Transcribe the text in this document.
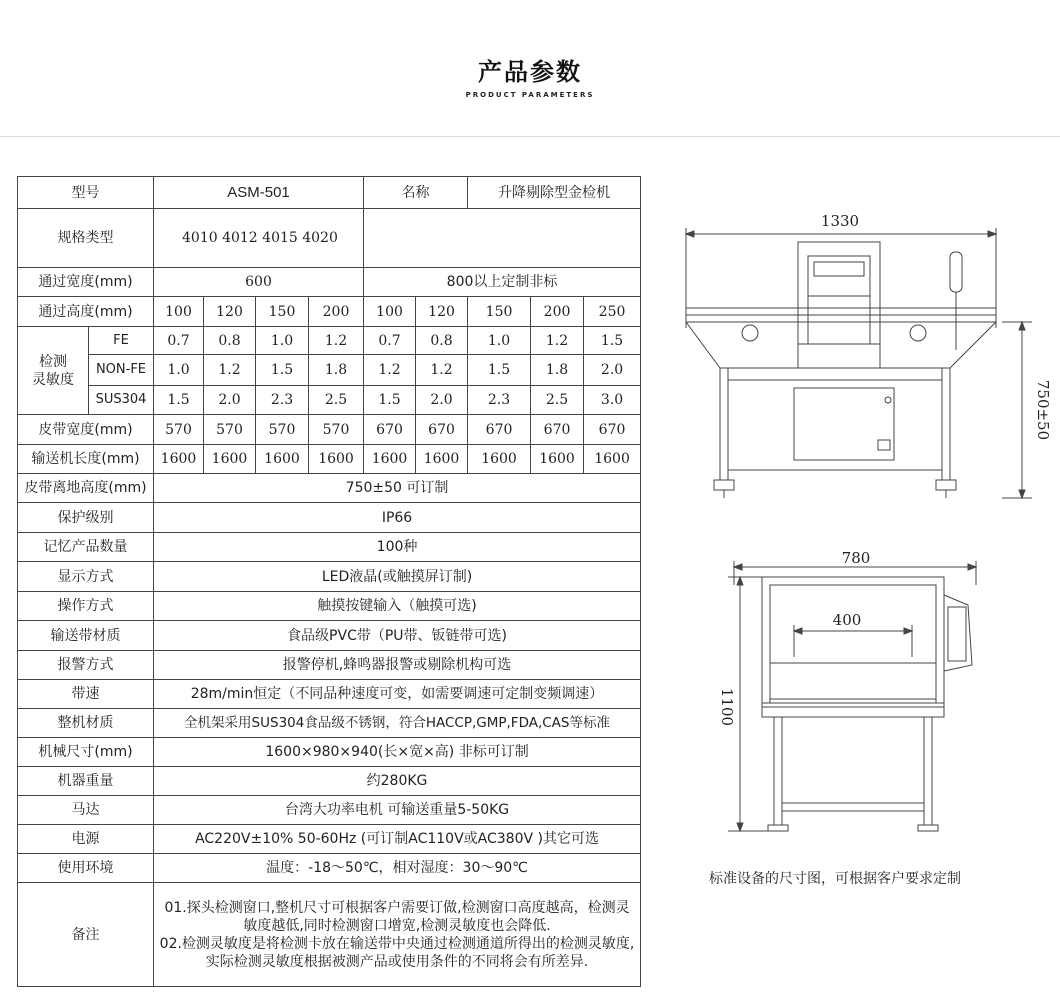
产品参数
PRODUCT PARAMETERS
型号		ASM-501				名称		升降剔除型金检机		
规格类型		4010 4012 4015 4020								
通过宽度(mm)		600				800以上定制非标				
通过高度(mm)		100	120	150	200	100	120	150	200	250

检测
灵敏度	FE	0.7	0.8	1.0	1.2	0.7	0.8	1.0	1.2	1.5
	NON-FE	1.0	1.2	1.5	1.8	1.2	1.2	1.5	1.8	2.0
	SUS304	1.5	2.0	2.3	2.5	1.5	2.0	2.3	2.5	3.0
皮带宽度(mm)		570	570	570	570	670	670	670	670	670
输送机长度(mm)		1600	1600	1600	1600	1600	1600	1600	1600	1600
皮带离地高度(mm)		750±50 可订制								
保护级别		IP66								
记忆产品数量		100种								
显示方式		LED液晶(或触摸屏订制)								
操作方式		触摸按键输入（触摸可选)								
输送带材质		食品级PVC带（PU带、钣链带可选)								
报警方式		报警停机,蜂鸣器报警或剔除机构可选								
带速		28m/min恒定（不同品种速度可变，如需要调速可定制变频调速）								
整机材质		全机架采用SUS304食品级不锈钢，符合HACCP,GMP,FDA,CAS等标准								
机械尺寸(mm)		1600×980×940(长×宽×高) 非标可订制								
机器重量		约280KG								
马达		台湾大功率电机 可输送重量5-50KG								
电源		AC220V±10% 50-60Hz (可订制AC110V或AC380V )其它可选								
使用环境		温度：-18～50℃，相对湿度：30～90℃								
备注		01.探头检测窗口,整机尺寸可根据客户需要订做,检测窗口高度越高，检测灵敏度越低,同时检测窗口增宽,检测灵敏度也会降低.
02.检测灵敏度是将检测卡放在输送带中央通过检测通道所得出的检测灵敏度,实际检测灵敏度根据被测产品或使用条件的不同将会有所差异.								
1330
750±50
780
400
1100
标准设备的尺寸图，可根据客户要求定制
